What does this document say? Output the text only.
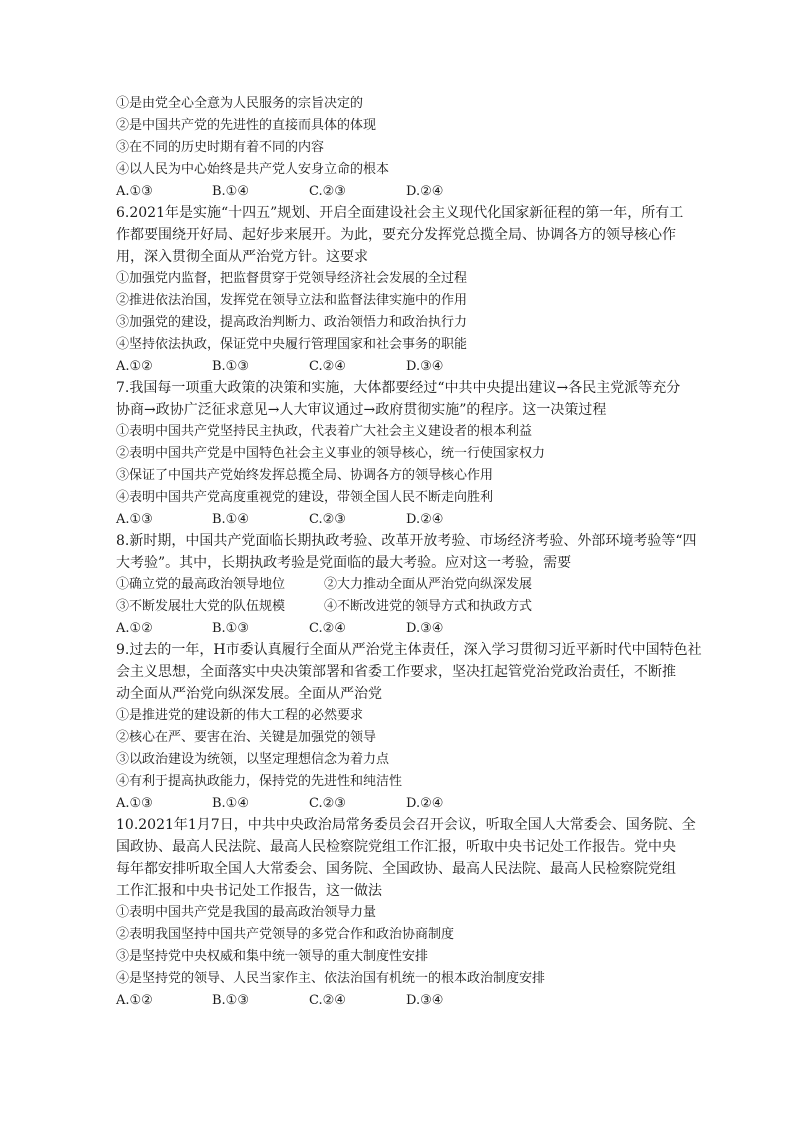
①是由党全心全意为人民服务的宗旨决定的
②是中国共产党的先进性的直接而具体的体现
③在不同的历史时期有着不同的内容
④以人民为中心始终是共产党人安身立命的根本
A.①③	B.①④	C.②③	D.②④
6.2021年是实施“十四五”规划、开启全面建设社会主义现代化国家新征程的第一年，所有工
作都要围绕开好局、起好步来展开。为此，要充分发挥党总揽全局、协调各方的领导核心作
用，深入贯彻全面从严治党方针。这要求
①加强党内监督，把监督贯穿于党领导经济社会发展的全过程
②推进依法治国，发挥党在领导立法和监督法律实施中的作用
③加强党的建设，提高政治判断力、政治领悟力和政治执行力
④坚持依法执政，保证党中央履行管理国家和社会事务的职能
A.①②	B.①③	C.②④	D.③④
7.我国每一项重大政策的决策和实施，大体都要经过“中共中央提出建议→各民主党派等充分
协商→政协广泛征求意见→人大审议通过→政府贯彻实施”的程序。这一决策过程
①表明中国共产党坚持民主执政，代表着广大社会主义建设者的根本利益
②表明中国共产党是中国特色社会主义事业的领导核心，统一行使国家权力
③保证了中国共产党始终发挥总揽全局、协调各方的领导核心作用
④表明中国共产党高度重视党的建设，带领全国人民不断走向胜利
A.①③	B.①④	C.②③	D.②④
8.新时期，中国共产党面临长期执政考验、改革开放考验、市场经济考验、外部环境考验等“四
大考验”。其中，长期执政考验是党面临的最大考验。应对这一考验，需要
①确立党的最高政治领导地位	②大力推动全面从严治党向纵深发展
③不断发展壮大党的队伍规模	④不断改进党的领导方式和执政方式
A.①②	B.①③	C.②④	D.③④
9.过去的一年，H市委认真履行全面从严治党主体责任，深入学习贯彻习近平新时代中国特色社
会主义思想，全面落实中央决策部署和省委工作要求，坚决扛起管党治党政治责任，不断推
动全面从严治党向纵深发展。全面从严治党
①是推进党的建设新的伟大工程的必然要求
②核心在严、要害在治、关键是加强党的领导
③以政治建设为统领，以坚定理想信念为着力点
④有利于提高执政能力，保持党的先进性和纯洁性
A.①③	B.①④	C.②③	D.②④
10.2021年1月7日，中共中央政治局常务委员会召开会议，听取全国人大常委会、国务院、全
国政协、最高人民法院、最高人民检察院党组工作汇报，听取中央书记处工作报告。党中央
每年都安排听取全国人大常委会、国务院、全国政协、最高人民法院、最高人民检察院党组
工作汇报和中央书记处工作报告，这一做法
①表明中国共产党是我国的最高政治领导力量
②表明我国坚持中国共产党领导的多党合作和政治协商制度
③是坚持党中央权威和集中统一领导的重大制度性安排
④是坚持党的领导、人民当家作主、依法治国有机统一的根本政治制度安排
A.①②	B.①③	C.②④	D.③④
